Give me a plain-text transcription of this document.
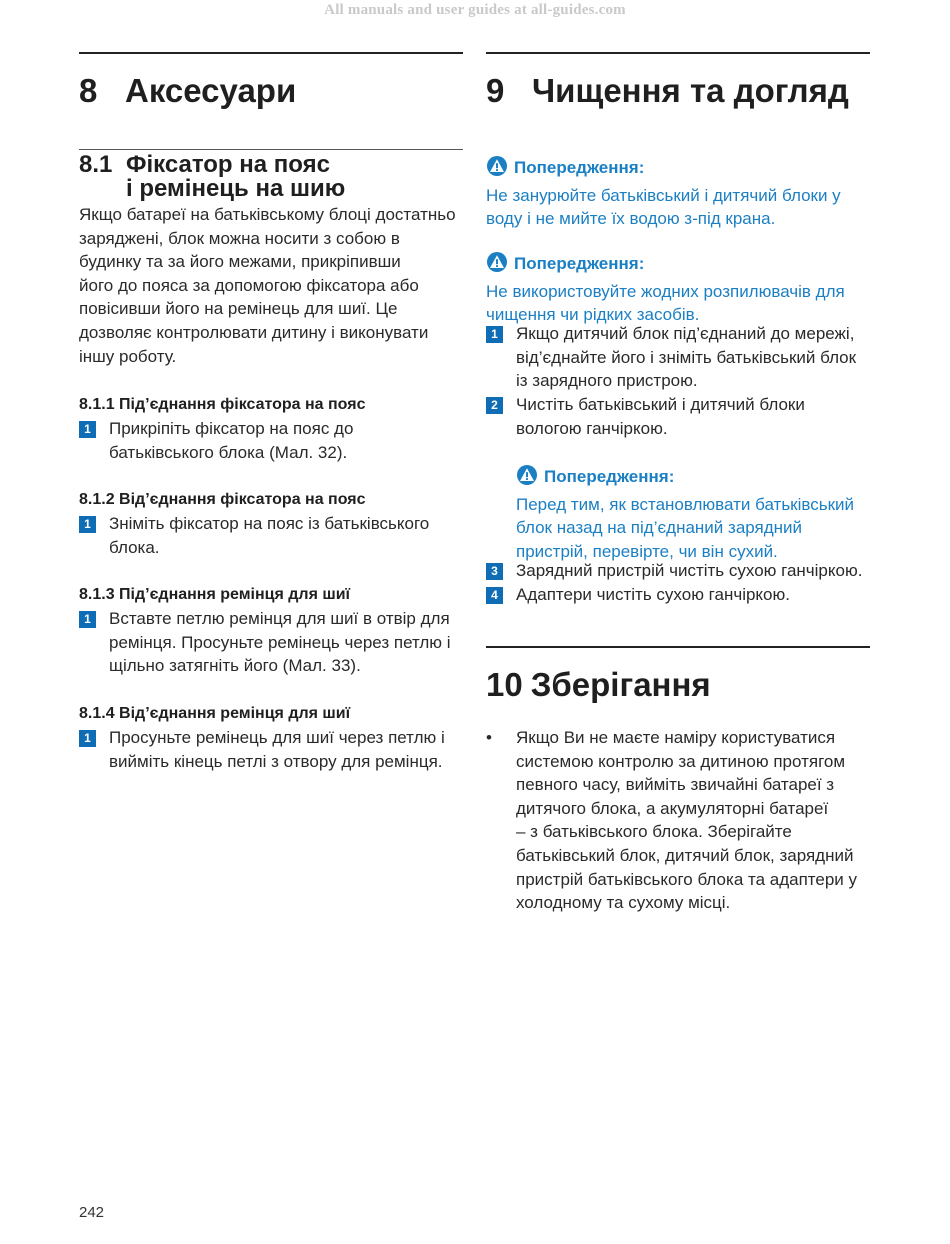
All manuals and user guides at all-guides.com
8 Аксесуари
8.1 Фіксатор на пояс
і ремінець на шию
Якщо батареї на батьківському блоці достатньо
заряджені, блок можна носити з собою в
будинку та за його межами, прикріпивши
його до пояса за допомогою фіксатора або
повісивши його на ремінець для шиї. Це
дозволяє контролювати дитину і виконувати
іншу роботу.
8.1.1 Під’єднання фіксатора на пояс
1	Прикріпіть фіксатор на пояс до
батьківського блока (Мал. 32).
8.1.2 Від’єднання фіксатора на пояс
1	Зніміть фіксатор на пояс із батьківського
блока.
8.1.3 Під’єднання ремінця для шиї
1	Вставте петлю ремінця для шиї в отвір для
ремінця. Просуньте ремінець через петлю і
щільно затягніть його (Мал. 33).
8.1.4 Від’єднання ремінця для шиї
1	Просуньте ремінець для шиї через петлю і
вийміть кінець петлі з отвору для ремінця.
9 Чищення та догляд
Попередження:
Не занурюйте батьківський і дитячий блоки у
воду і не мийте їх водою з-під крана.
Попередження:
Не використовуйте жодних розпилювачів для
чищення чи рідких засобів.
1	Якщо дитячий блок під’єднаний до мережі,
від’єднайте його і зніміть батьківський блок
із зарядного пристрою.
2	Чистіть батьківський і дитячий блоки
вологою ганчіркою.
Попередження:
Перед тим, як встановлювати батьківський
блок назад на під’єднаний зарядний
пристрій, перевірте, чи він сухий.
3	Зарядний пристрій чистіть сухою ганчіркою.
4	Адаптери чистіть сухою ганчіркою.
10 Зберігання
• Якщо Ви не маєте наміру користуватися
системою контролю за дитиною протягом
певного часу, вийміть звичайні батареї з
дитячого блока, а акумуляторні батареї
– з батьківського блока. Зберігайте
батьківський блок, дитячий блок, зарядний
пристрій батьківського блока та адаптери у
холодному та сухому місці.
242
